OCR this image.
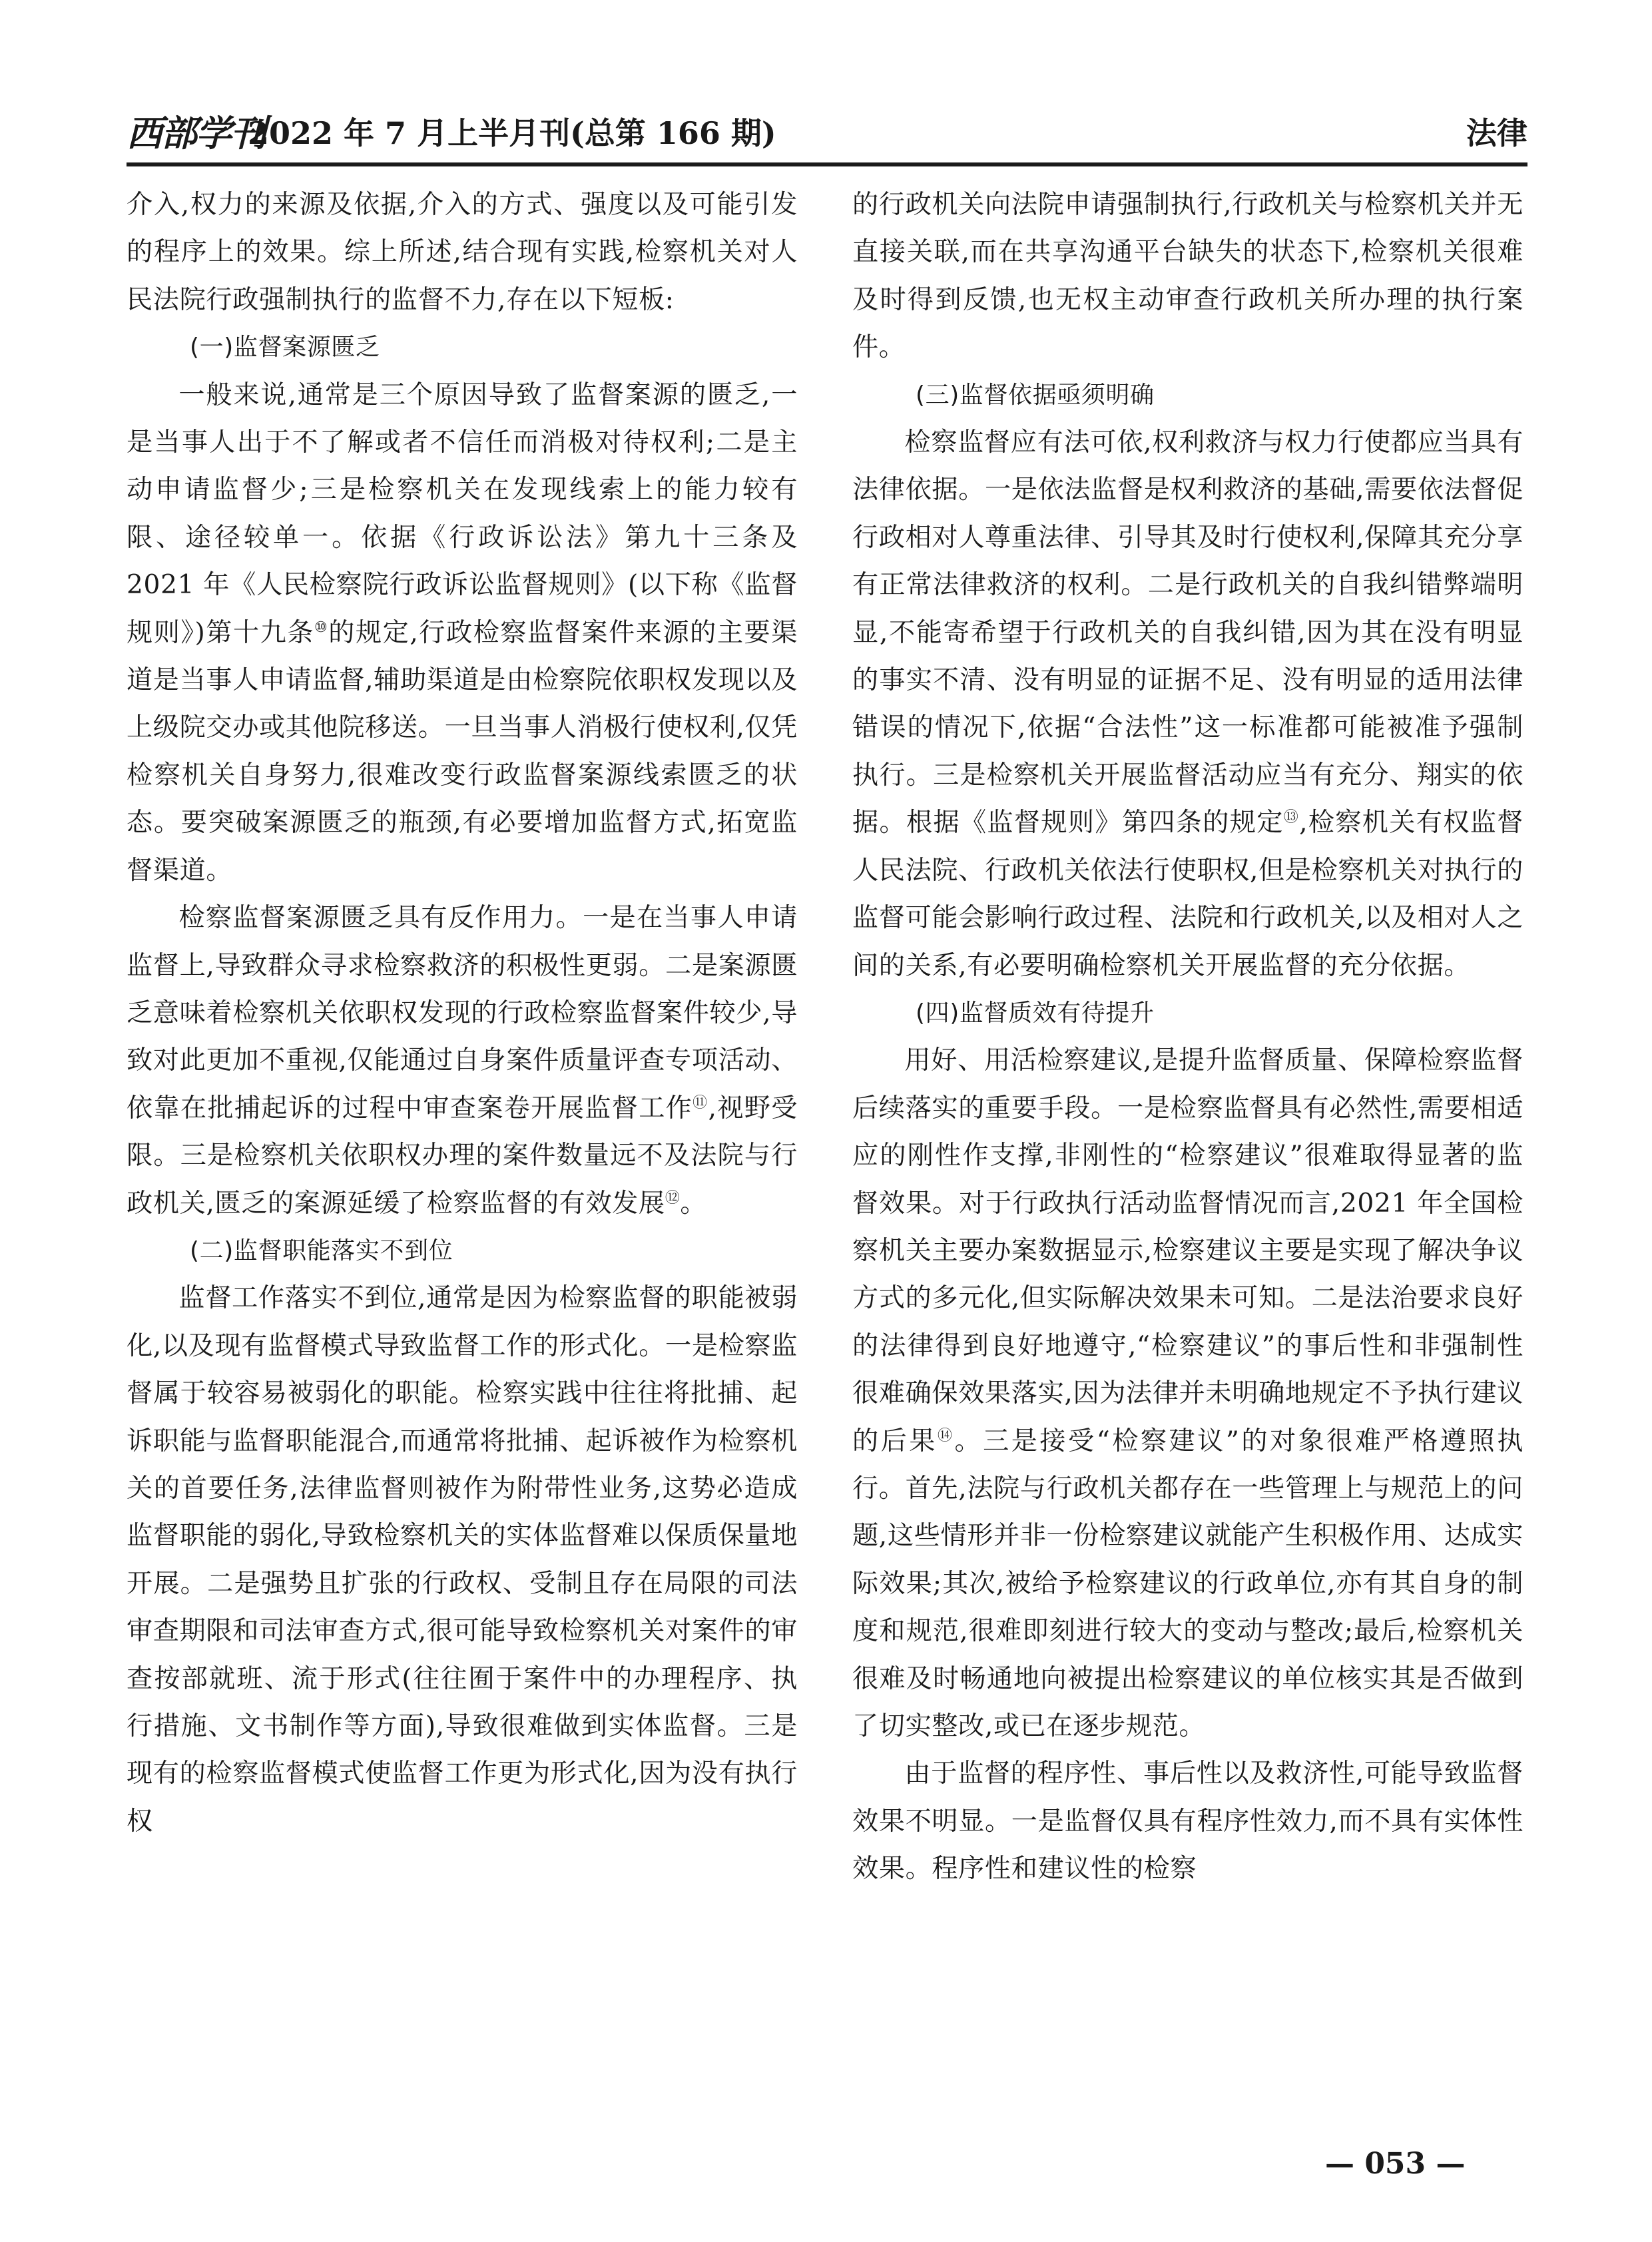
西部学刊
2022 年 7 月上半月刊(总第 166 期)	法律

介入,权力的来源及依据,介入的方式、强度以及可能引发的程序上的效果。综上所述,结合现有实践,检察机关对人民法院行政强制执行的监督不力,存在以下短板:

(一)监督案源匮乏

一般来说,通常是三个原因导致了监督案源的匮乏,一是当事人出于不了解或者不信任而消极对待权利;二是主动申请监督少;三是检察机关在发现线索上的能力较有限、途径较单一。依据《行政诉讼法》第九十三条及 2021 年《人民检察院行政诉讼监督规则》(以下称《监督规则》)第十九条⑩的规定,行政检察监督案件来源的主要渠道是当事人申请监督,辅助渠道是由检察院依职权发现以及上级院交办或其他院移送。一旦当事人消极行使权利,仅凭检察机关自身努力,很难改变行政监督案源线索匮乏的状态。要突破案源匮乏的瓶颈,有必要增加监督方式,拓宽监督渠道。

检察监督案源匮乏具有反作用力。一是在当事人申请监督上,导致群众寻求检察救济的积极性更弱。二是案源匮乏意味着检察机关依职权发现的行政检察监督案件较少,导致对此更加不重视,仅能通过自身案件质量评查专项活动、依靠在批捕起诉的过程中审查案卷开展监督工作⑪,视野受限。三是检察机关依职权办理的案件数量远不及法院与行政机关,匮乏的案源延缓了检察监督的有效发展⑫。

(二)监督职能落实不到位

监督工作落实不到位,通常是因为检察监督的职能被弱化,以及现有监督模式导致监督工作的形式化。一是检察监督属于较容易被弱化的职能。检察实践中往往将批捕、起诉职能与监督职能混合,而通常将批捕、起诉被作为检察机关的首要任务,法律监督则被作为附带性业务,这势必造成监督职能的弱化,导致检察机关的实体监督难以保质保量地开展。二是强势且扩张的行政权、受制且存在局限的司法审查期限和司法审查方式,很可能导致检察机关对案件的审查按部就班、流于形式(往往囿于案件中的办理程序、执行措施、文书制作等方面),导致很难做到实体监督。三是现有的检察监督模式使监督工作更为形式化,因为没有执行权

的行政机关向法院申请强制执行,行政机关与检察机关并无直接关联,而在共享沟通平台缺失的状态下,检察机关很难及时得到反馈,也无权主动审查行政机关所办理的执行案件。

(三)监督依据亟须明确

检察监督应有法可依,权利救济与权力行使都应当具有法律依据。一是依法监督是权利救济的基础,需要依法督促行政相对人尊重法律、引导其及时行使权利,保障其充分享有正常法律救济的权利。二是行政机关的自我纠错弊端明显,不能寄希望于行政机关的自我纠错,因为其在没有明显的事实不清、没有明显的证据不足、没有明显的适用法律错误的情况下,依据“合法性”这一标准都可能被准予强制执行。三是检察机关开展监督活动应当有充分、翔实的依据。根据《监督规则》第四条的规定⑬,检察机关有权监督人民法院、行政机关依法行使职权,但是检察机关对执行的监督可能会影响行政过程、法院和行政机关,以及相对人之间的关系,有必要明确检察机关开展监督的充分依据。

(四)监督质效有待提升

用好、用活检察建议,是提升监督质量、保障检察监督后续落实的重要手段。一是检察监督具有必然性,需要相适应的刚性作支撑,非刚性的“检察建议”很难取得显著的监督效果。对于行政执行活动监督情况而言,2021 年全国检察机关主要办案数据显示,检察建议主要是实现了解决争议方式的多元化,但实际解决效果未可知。二是法治要求良好的法律得到良好地遵守,“检察建议”的事后性和非强制性很难确保效果落实,因为法律并未明确地规定不予执行建议的后果⑭。三是接受“检察建议”的对象很难严格遵照执行。首先,法院与行政机关都存在一些管理上与规范上的问题,这些情形并非一份检察建议就能产生积极作用、达成实际效果;其次,被给予检察建议的行政单位,亦有其自身的制度和规范,很难即刻进行较大的变动与整改;最后,检察机关很难及时畅通地向被提出检察建议的单位核实其是否做到了切实整改,或已在逐步规范。

由于监督的程序性、事后性以及救济性,可能导致监督效果不明显。一是监督仅具有程序性效力,而不具有实体性效果。程序性和建议性的检察

— 053 —
